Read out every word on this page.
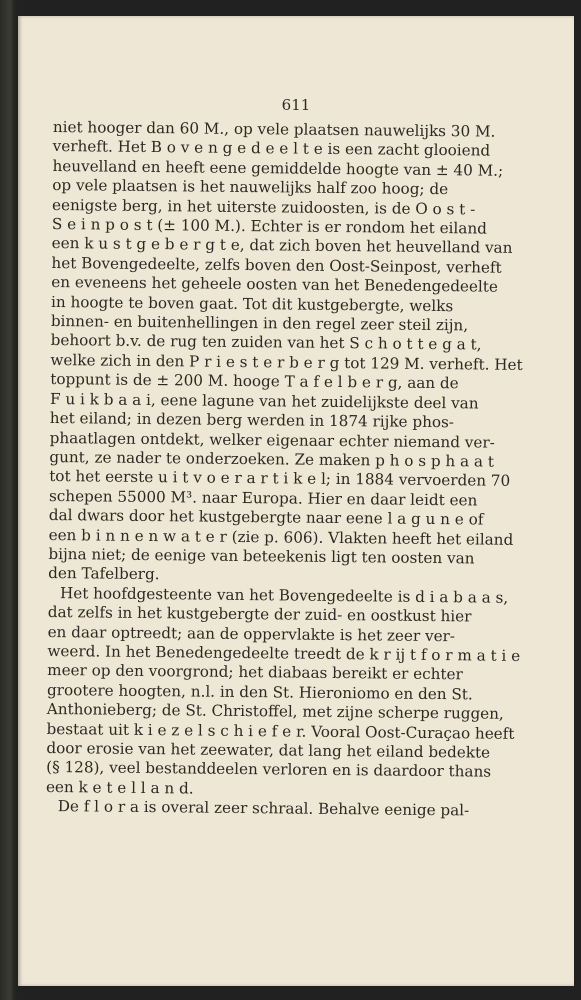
611
niet hooger dan 60 M., op vele plaatsen nauwelijks 30 M.
verheft. Het B o v e n g e d e e l t e is een zacht glooiend
heuvelland en heeft eene gemiddelde hoogte van ± 40 M.;
op vele plaatsen is het nauwelijks half zoo hoog; de
eenigste berg, in het uiterste zuidoosten, is de O o s t -
S e i n p o s t (± 100 M.). Echter is er rondom het eiland
een k u s t g e b e r g t e, dat zich boven het heuvelland van
het Bovengedeelte, zelfs boven den Oost-Seinpost, verheft
en eveneens het geheele oosten van het Benedengedeelte
in hoogte te boven gaat. Tot dit kustgebergte, welks
binnen- en buitenhellingen in den regel zeer steil zijn,
behoort b.v. de rug ten zuiden van het S c h o t t e g a t,
welke zich in den P r i e s t e r b e r g tot 129 M. verheft. Het
toppunt is de ± 200 M. hooge T a f e l b e r g, aan de
F u i k b a a i, eene lagune van het zuidelijkste deel van
het eiland; in dezen berg werden in 1874 rijke phos-
phaatlagen ontdekt, welker eigenaar echter niemand ver-
gunt, ze nader te onderzoeken. Ze maken p h o s p h a a t
tot het eerste u i t v o e r a r t i k e l; in 1884 vervoerden 70
schepen 55000 M³. naar Europa. Hier en daar leidt een
dal dwars door het kustgebergte naar eene l a g u n e of
een b i n n e n w a t e r (zie p. 606). Vlakten heeft het eiland
bijna niet; de eenige van beteekenis ligt ten oosten van
den Tafelberg.
Het hoofdgesteente van het Bovengedeelte is d i a b a a s,
dat zelfs in het kustgebergte der zuid- en oostkust hier
en daar optreedt; aan de oppervlakte is het zeer ver-
weerd. In het Benedengedeelte treedt de k r ij t f o r m a t i e
meer op den voorgrond; het diabaas bereikt er echter
grootere hoogten, n.l. in den St. Hieroniomo en den St.
Anthonieberg; de St. Christoffel, met zijne scherpe ruggen,
bestaat uit k i e z e l s c h i e f e r. Vooral Oost-Curaçao heeft
door erosie van het zeewater, dat lang het eiland bedekte
(§ 128), veel bestanddeelen verloren en is daardoor thans
een k e t e l l a n d.
De f l o r a is overal zeer schraal. Behalve eenige pal-
